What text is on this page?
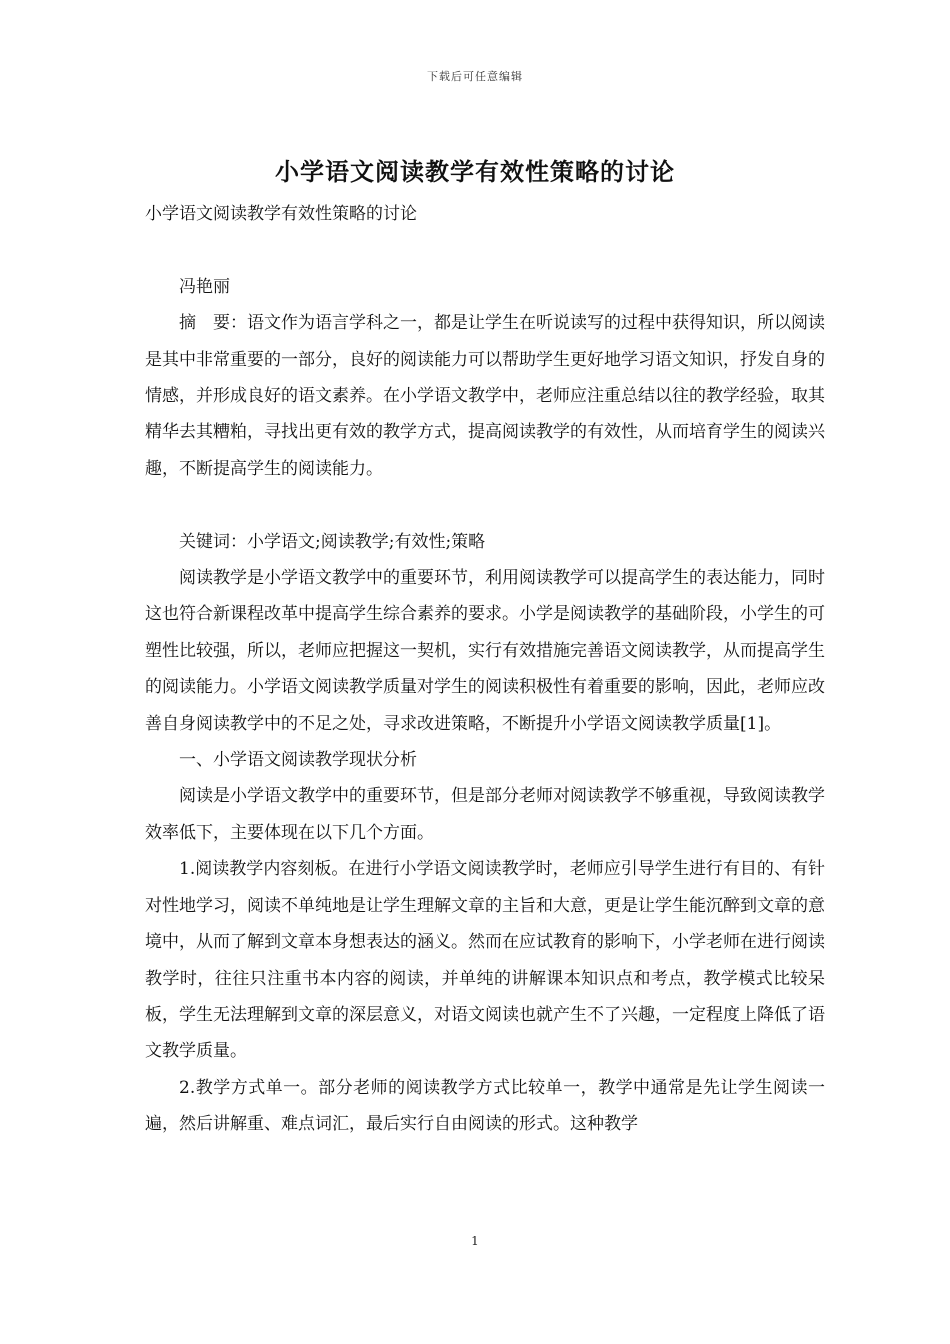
下载后可任意编辑
小学语文阅读教学有效性策略的讨论

小学语文阅读教学有效性策略的讨论

冯艳丽

摘　要：语文作为语言学科之一，都是让学生在听说读写的过程中获得知识，所以阅读是其中非常重要的一部分，良好的阅读能力可以帮助学生更好地学习语文知识，抒发自身的情感，并形成良好的语文素养。在小学语文教学中，老师应注重总结以往的教学经验，取其精华去其糟粕，寻找出更有效的教学方式，提高阅读教学的有效性，从而培育学生的阅读兴趣，不断提高学生的阅读能力。

关键词：小学语文;阅读教学;有效性;策略

阅读教学是小学语文教学中的重要环节，利用阅读教学可以提高学生的表达能力，同时这也符合新课程改革中提高学生综合素养的要求。小学是阅读教学的基础阶段，小学生的可塑性比较强，所以，老师应把握这一契机，实行有效措施完善语文阅读教学，从而提高学生的阅读能力。小学语文阅读教学质量对学生的阅读积极性有着重要的影响，因此，老师应改善自身阅读教学中的不足之处，寻求改进策略，不断提升小学语文阅读教学质量[1]。

一、小学语文阅读教学现状分析

阅读是小学语文教学中的重要环节，但是部分老师对阅读教学不够重视，导致阅读教学效率低下，主要体现在以下几个方面。

1.阅读教学内容刻板。在进行小学语文阅读教学时，老师应引导学生进行有目的、有针对性地学习，阅读不单纯地是让学生理解文章的主旨和大意，更是让学生能沉醉到文章的意境中，从而了解到文章本身想表达的涵义。然而在应试教育的影响下，小学老师在进行阅读教学时，往往只注重书本内容的阅读，并单纯的讲解课本知识点和考点，教学模式比较呆板，学生无法理解到文章的深层意义，对语文阅读也就产生不了兴趣，一定程度上降低了语文教学质量。

2.教学方式单一。部分老师的阅读教学方式比较单一，教学中通常是先让学生阅读一遍，然后讲解重、难点词汇，最后实行自由阅读的形式。这种教学

1
